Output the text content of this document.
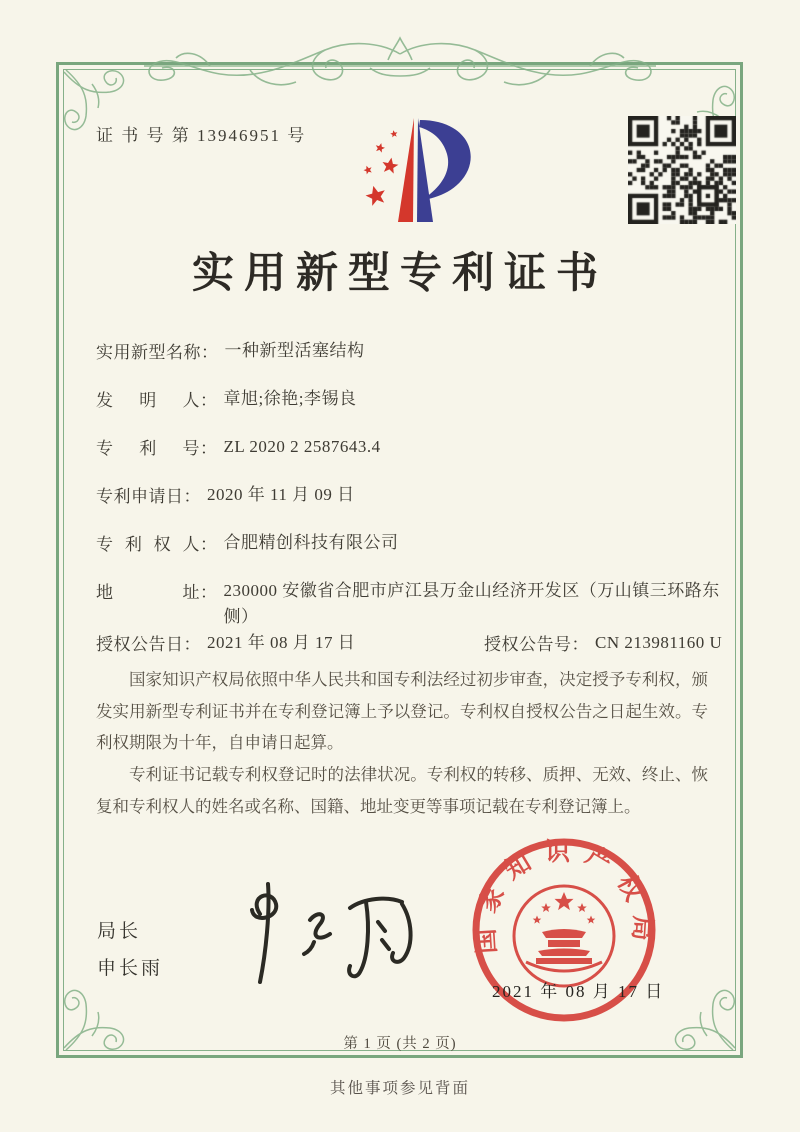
证 书 号 第 13946951 号
实用新型专利证书
实用新型名称： 一种新型活塞结构
发明人： 章旭;徐艳;李锡良
专利号： ZL 2020 2 2587643.4
专利申请日： 2020 年 11 月 09 日
专利权人： 合肥精创科技有限公司
地址： 230000 安徽省合肥市庐江县万金山经济开发区（万山镇三环路东侧）
授权公告日： 2021 年 08 月 17 日	授权公告号： CN 213981160 U

国家知识产权局依照中华人民共和国专利法经过初步审查，决定授予专利权，颁发实用新型专利证书并在专利登记簿上予以登记。专利权自授权公告之日起生效。专利权期限为十年，自申请日起算。

专利证书记载专利权登记时的法律状况。专利权的转移、质押、无效、终止、恢复和专利权人的姓名或名称、国籍、地址变更等事项记载在专利登记簿上。

局长
申长雨
国家知识产权局
2021 年 08 月 17 日
第 1 页 (共 2 页)
其他事项参见背面
